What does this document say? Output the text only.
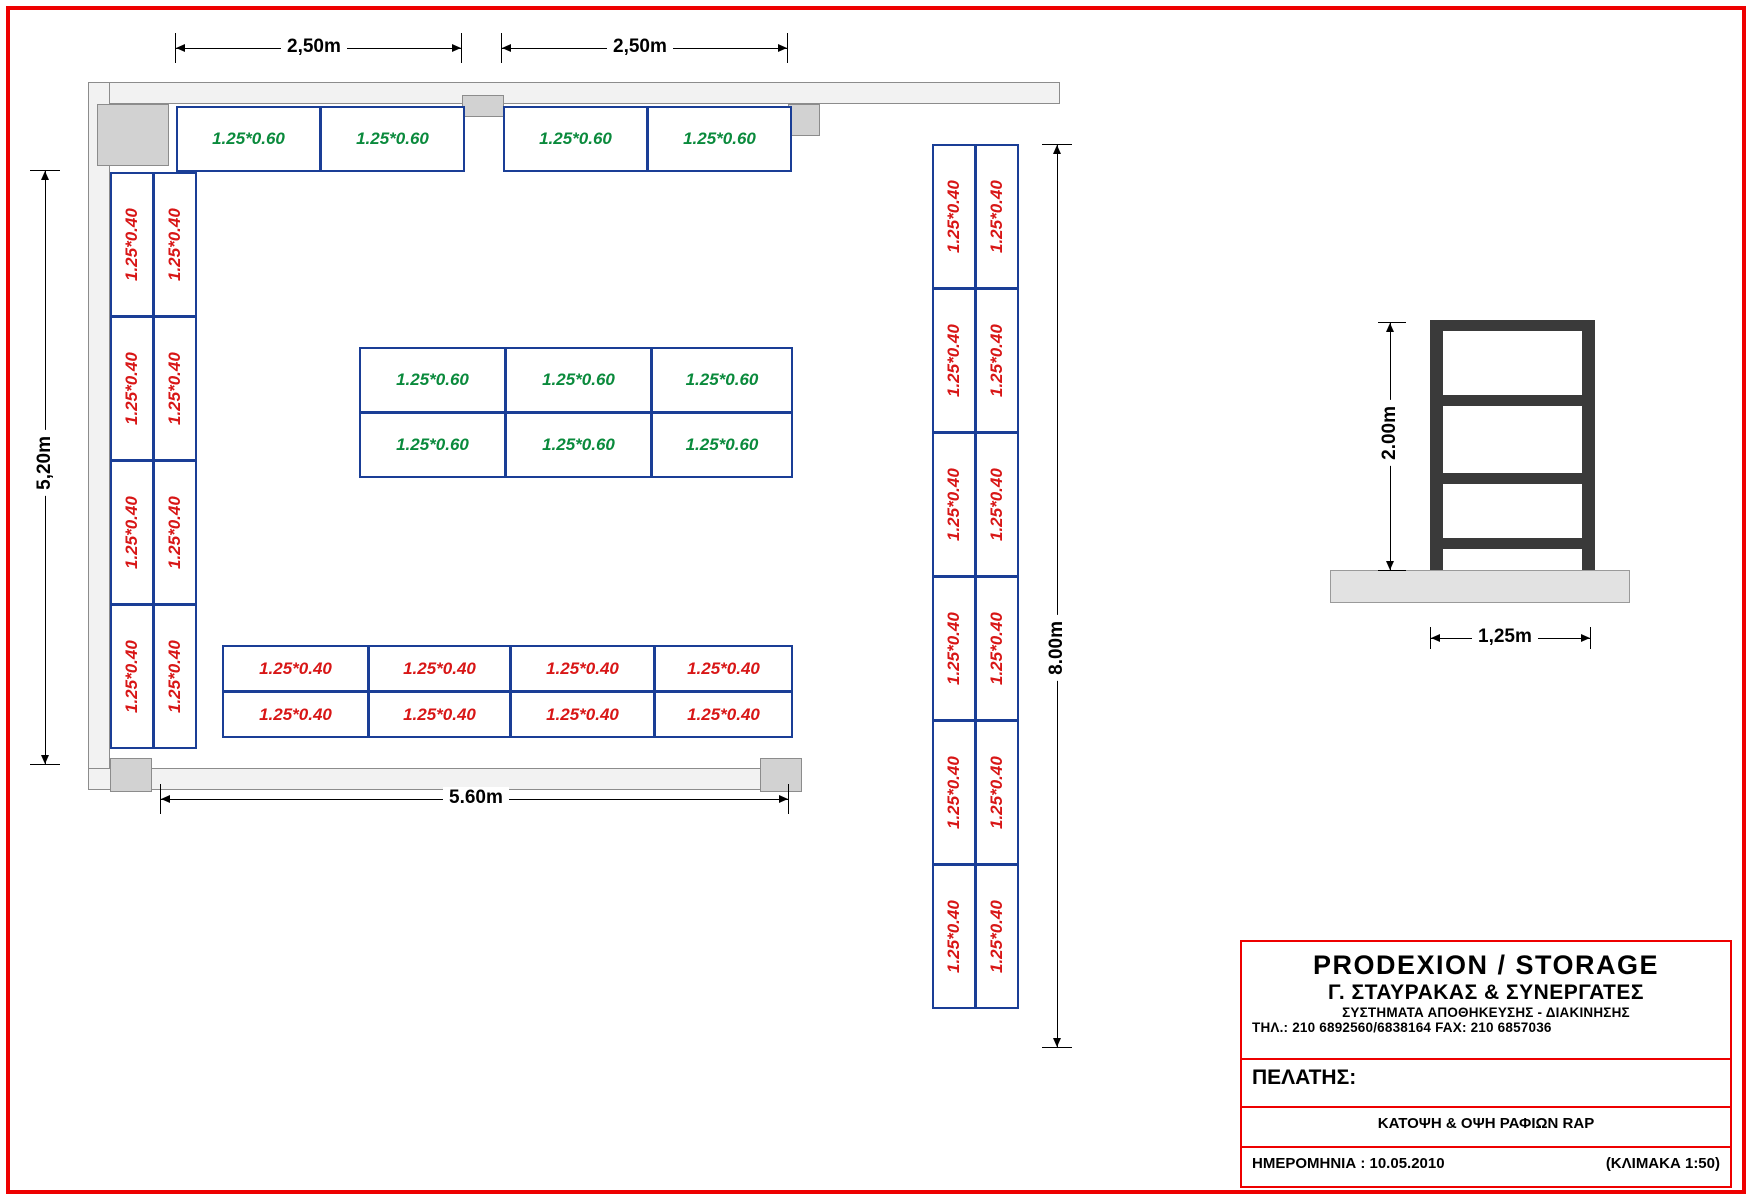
2,50m	2,50m
5,20m
1.25*0.60	1.25*0.60	1.25*0.60	1.25*0.60
1.25*0.40	1.25*0.40
1.25*0.40	1.25*0.40
1.25*0.40	1.25*0.40
1.25*0.40	1.25*0.40
1.25*0.60	1.25*0.60	1.25*0.60
1.25*0.60	1.25*0.60	1.25*0.60
1.25*0.40	1.25*0.40	1.25*0.40	1.25*0.40
1.25*0.40	1.25*0.40	1.25*0.40	1.25*0.40
1.25*0.40	1.25*0.40
1.25*0.40	1.25*0.40
1.25*0.40	1.25*0.40
1.25*0.40	1.25*0.40
1.25*0.40	1.25*0.40
1.25*0.40	1.25*0.40
8.00m
5.60m
2.00m
1,25m
PRODEXION / STORAGE
Γ. ΣΤΑΥΡΑΚΑΣ & ΣΥΝΕΡΓΑΤΕΣ
ΣΥΣΤΗΜΑΤΑ ΑΠΟΘΗΚΕΥΣΗΣ - ΔΙΑΚΙΝΗΣΗΣ
ΤΗΛ.: 210 6892560/6838164 FAX: 210 6857036
ΠΕΛΑΤΗΣ:
ΚΑΤΟΨΗ & ΟΨΗ ΡΑΦΙΩΝ RAP
ΗΜΕΡΟΜΗΝΙΑ : 10.05.2010	(ΚΛΙΜΑΚΑ 1:50)
